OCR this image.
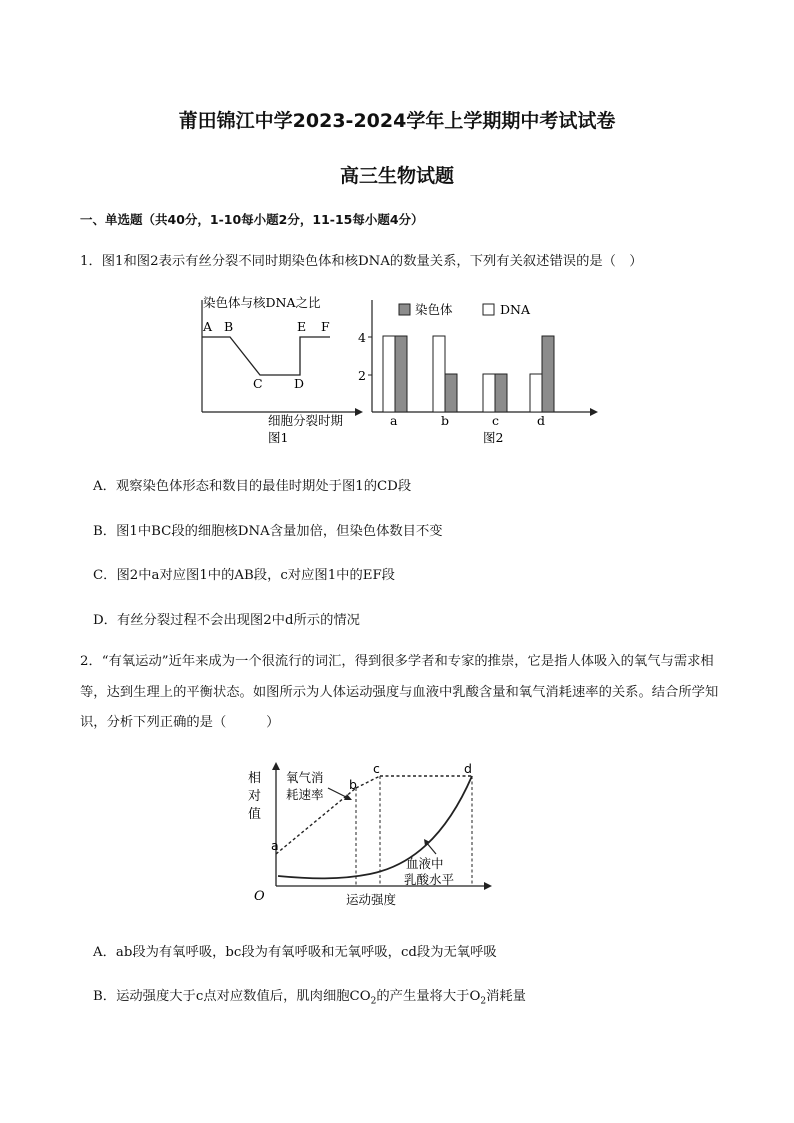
莆田锦江中学2023-2024学年上学期期中考试试卷
高三生物试题
一、单选题（共40分，1-10每小题2分，11-15每小题4分）
1．图1和图2表示有丝分裂不同时期染色体和核DNA的数量关系，下列有关叙述错误的是（　）
染色体与核DNA之比
A B
C	D
E F
细胞分裂时期
图1
4
2
染色体	DNA
a	b	c	d
图2
A．观察染色体形态和数目的最佳时期处于图1的CD段
B．图1中BC段的细胞核DNA含量加倍，但染色体数目不变
C．图2中a对应图1中的AB段，c对应图1中的EF段
D．有丝分裂过程不会出现图2中d所示的情况
2．“有氧运动”近年来成为一个很流行的词汇，得到很多学者和专家的推崇，它是指人体吸入的氧气与需求相等，达到生理上的平衡状态。如图所示为人体运动强度与血液中乳酸含量和氧气消耗速率的关系。结合所学知识，分析下列正确的是（　　　）
相
对
值
O	运动强度
a
b
c	d
氧气消
耗速率
血液中
乳酸水平
A．ab段为有氧呼吸，bc段为有氧呼吸和无氧呼吸，cd段为无氧呼吸
B．运动强度大于c点对应数值后，肌肉细胞$CO_2$的产生量将大于$O_2$消耗量
